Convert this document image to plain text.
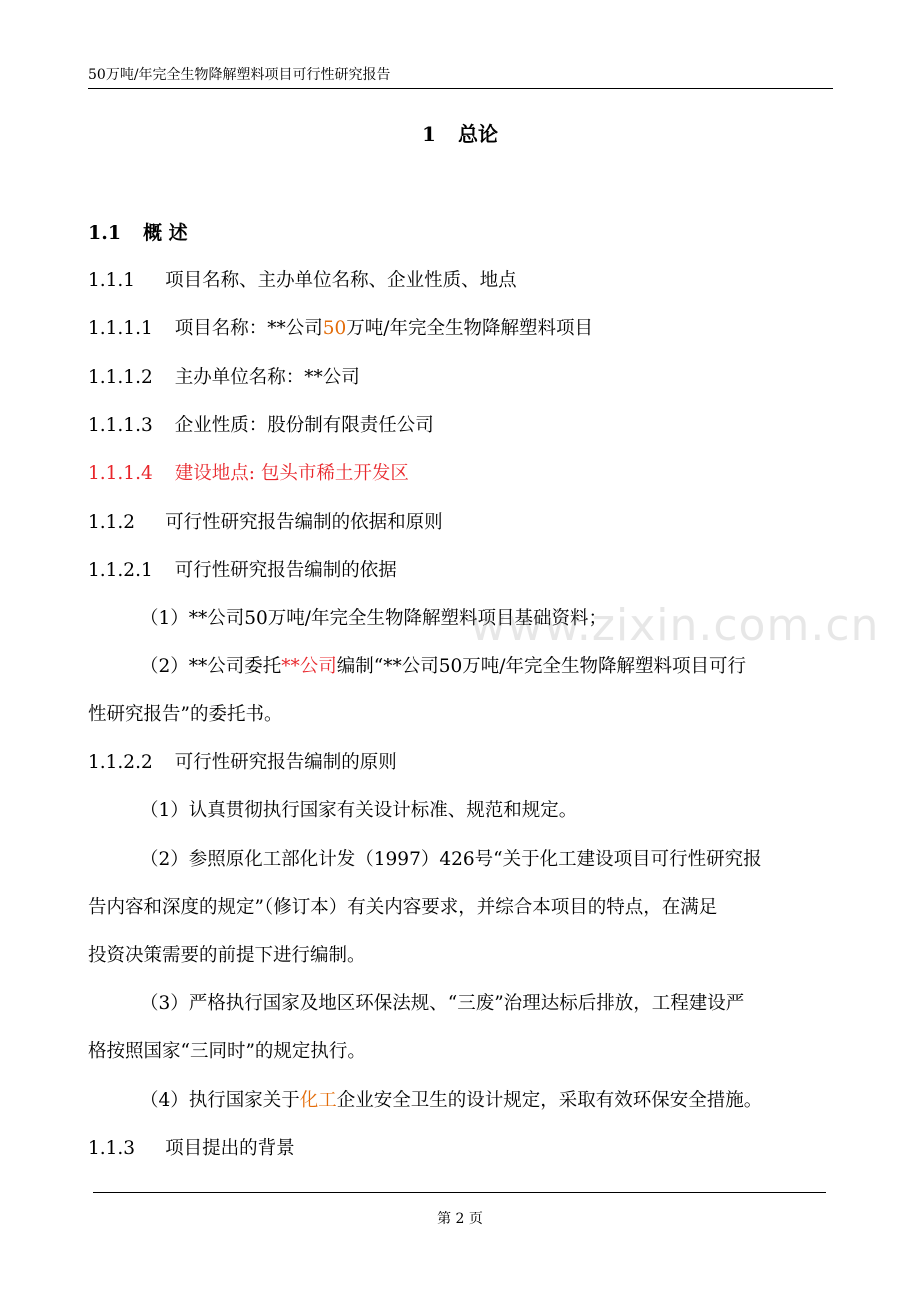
50万吨/年完全生物降解塑料项目可行性研究报告
1 总论
1.1 概 述
1.1.1 项目名称、主办单位名称、企业性质、地点
1.1.1.1 项目名称：**公司50万吨/年完全生物降解塑料项目
1.1.1.2 主办单位名称：**公司
1.1.1.3 企业性质：股份制有限责任公司
1.1.1.4 建设地点: 包头市稀土开发区
1.1.2 可行性研究报告编制的依据和原则
1.1.2.1 可行性研究报告编制的依据
（1）**公司50万吨/年完全生物降解塑料项目基础资料；
（2）**公司委托**公司编制“**公司50万吨/年完全生物降解塑料项目可行
性研究报告”的委托书。
1.1.2.2 可行性研究报告编制的原则
（1）认真贯彻执行国家有关设计标准、规范和规定。
（2）参照原化工部化计发（1997）426号“关于化工建设项目可行性研究报
告内容和深度的规定”（修订本）有关内容要求，并综合本项目的特点，在满足
投资决策需要的前提下进行编制。
（3）严格执行国家及地区环保法规、“三废”治理达标后排放，工程建设严
格按照国家“三同时”的规定执行。
（4）执行国家关于化工企业安全卫生的设计规定，采取有效环保安全措施。
1.1.3 项目提出的背景
www.zixin.com.cn
第 2 页
